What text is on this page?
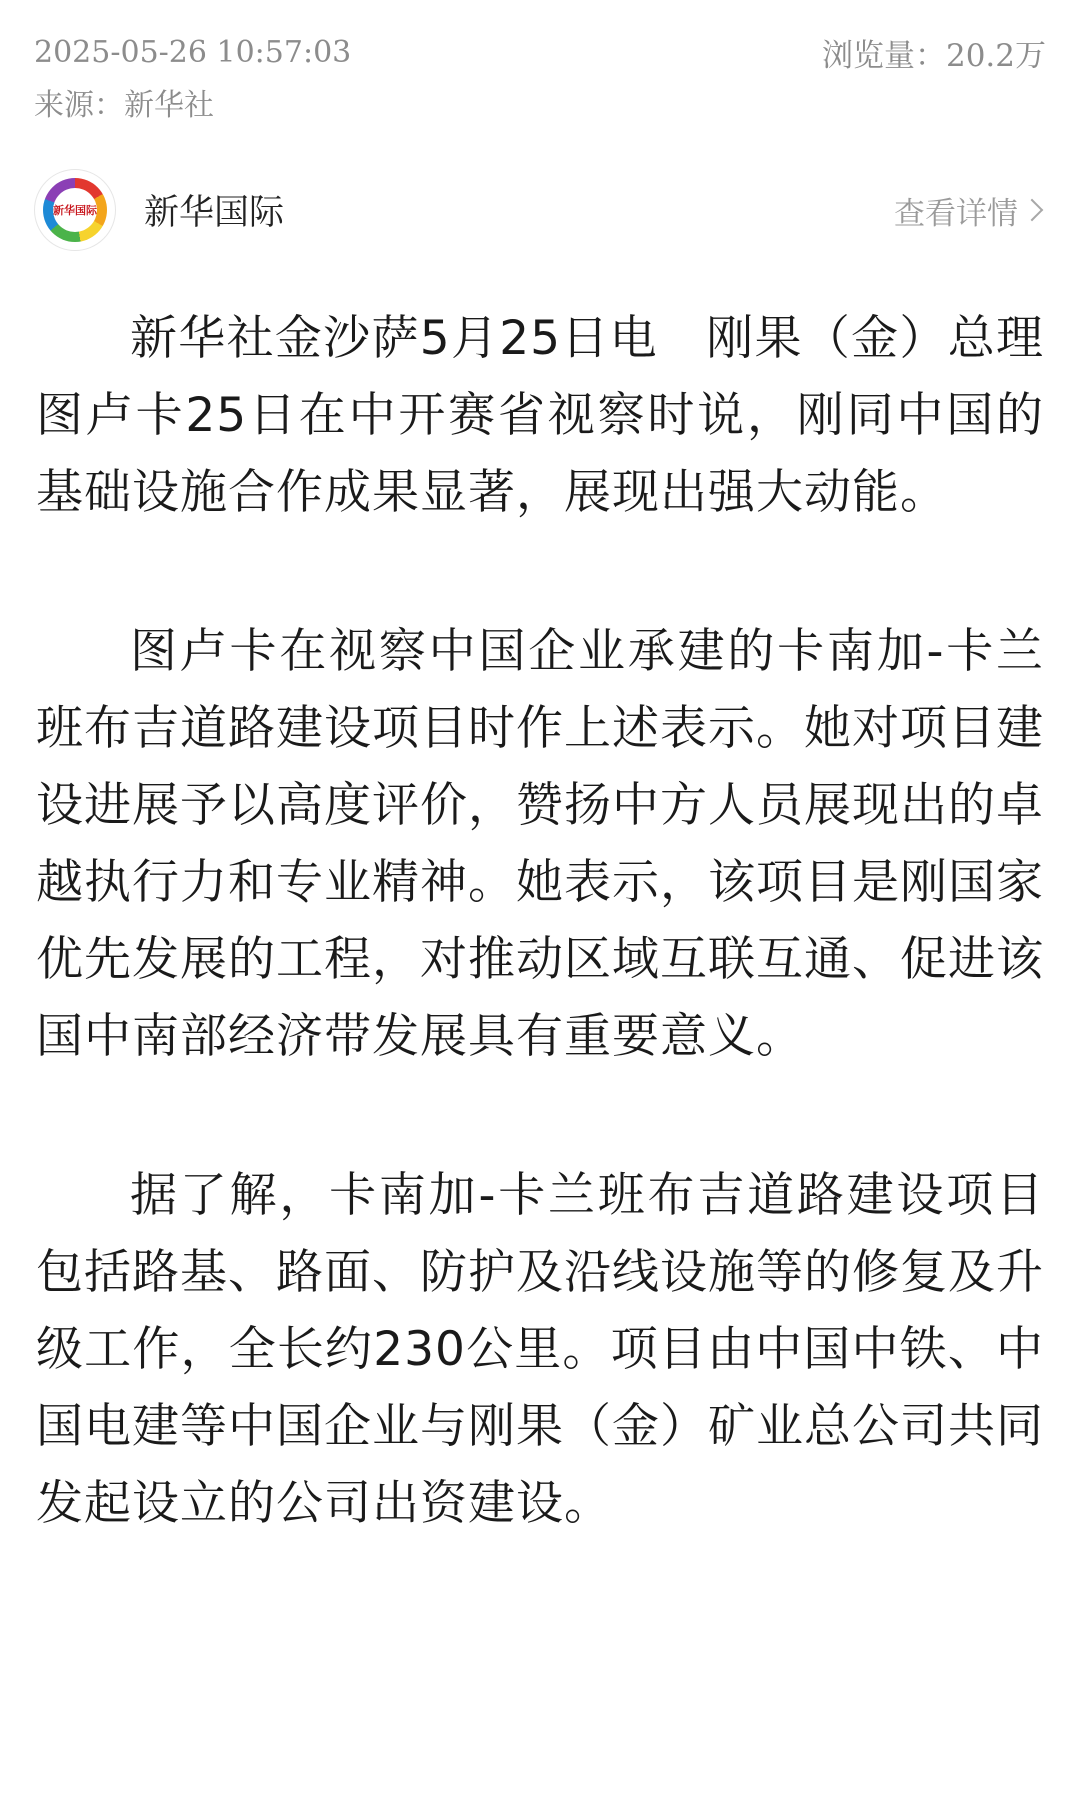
2025-05-26 10:57:03	浏览量：20.2万
来源：新华社
新华国际 新华国际	查看详情

新华社金沙萨5月25日电　刚果（金）总理图卢卡25日在中开赛省视察时说，刚同中国的基础设施合作成果显著，展现出强大动能。

图卢卡在视察中国企业承建的卡南加-卡兰班布吉道路建设项目时作上述表示。她对项目建设进展予以高度评价，赞扬中方人员展现出的卓越执行力和专业精神。她表示，该项目是刚国家优先发展的工程，对推动区域互联互通、促进该国中南部经济带发展具有重要意义。

据了解，卡南加-卡兰班布吉道路建设项目包括路基、路面、防护及沿线设施等的修复及升级工作，全长约230公里。项目由中国中铁、中国电建等中国企业与刚果（金）矿业总公司共同发起设立的公司出资建设。
